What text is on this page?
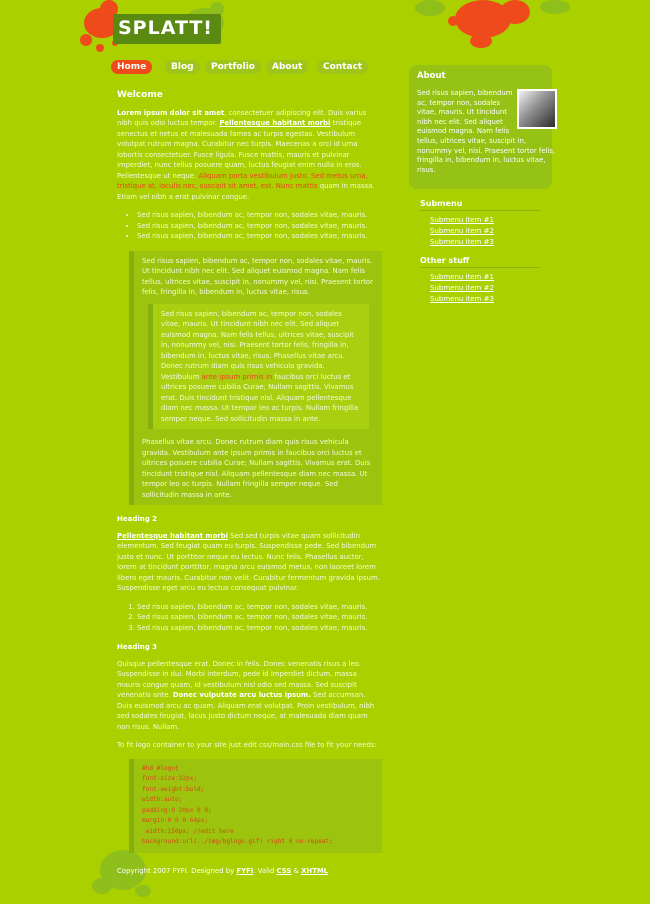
SPLATT!
Home	Blog	Portfolio	About	Contact
Welcome

Lorem ipsum dolor sit amet, consectetuer adipiscing elit. Duis varius nibh quis odio luctus tempor. Pellentesque habitant morbi tristique senectus et netus et malesuada fames ac turpis egestas. Vestibulum volutpat rutrum magna. Curabitur nec turpis. Maecenas a orci id urna lobortis consectetuer. Fusce ligula. Fusce mattis, mauris et pulvinar imperdiet, nunc tellus posuere quam, luctus feugiat enim nulla in eros. Pellentesque ut neque. Aliquam porta vestibulum justo. Sed metus urna, tristique at, iaculis nec, suscipit sit amet, est. Nunc mattis quam in massa. Etiam vel nibh a erat pulvinar congue.

• Sed risus sapien, bibendum ac, tempor non, sodales vitae, mauris.
• Sed risus sapien, bibendum ac, tempor non, sodales vitae, mauris.
• Sed risus sapien, bibendum ac, tempor non, sodales vitae, mauris.

Sed risus sapien, bibendum ac, tempor non, sodales vitae, mauris. Ut tincidunt nibh nec elit. Sed aliquet euismod magna. Nam felis tellus, ultrices vitae, suscipit in, nonummy vel, nisi. Praesent tortor felis, fringilla in, bibendum in, luctus vitae, risus.

Sed risus sapien, bibendum ac, tempor non, sodales vitae, mauris. Ut tincidunt nibh nec elit. Sed aliquet euismod magna. Nam felis tellus, ultrices vitae, suscipit in, nonummy vel, nisi. Praesent tortor felis, fringilla in, bibendum in, luctus vitae, risus. Phasellus vitae arcu. Donec rutrum diam quis risus vehicula gravida. Vestibulum ante ipsum primis in faucibus orci luctus et ultrices posuere cubilia Curae; Nullam sagittis. Vivamus erat. Duis tincidunt tristique nisl. Aliquam pellentesque diam nec massa. Ut tempor leo ac turpis. Nullam fringilla semper neque. Sed sollicitudin massa in ante.

Phasellus vitae arcu. Donec rutrum diam quis risus vehicula gravida. Vestibulum ante ipsum primis in faucibus orci luctus et ultrices posuere cubilia Curae; Nullam sagittis. Vivamus erat. Duis tincidunt tristique nisl. Aliquam pellentesque diam nec massa. Ut tempor leo ac turpis. Nullam fringilla semper neque. Sed sollicitudin massa in ante.

Heading 2

Pellentesque habitant morbi Sed sed turpis vitae quam sollicitudin elementum. Sed feugiat quam eu turpis. Suspendisse pede. Sed bibendum justo et nunc. Ut porttitor neque eu lectus. Nunc felis. Phasellus auctor, lorem at tincidunt porttitor, magna arcu euismod metus, non laoreet lorem libero eget mauris. Curabitur non velit. Curabitur fermentum gravida ipsum. Suspendisse eget arcu eu lectus consequat pulvinar.

1. Sed risus sapien, bibendum ac, tempor non, sodales vitae, mauris.
2. Sed risus sapien, bibendum ac, tempor non, sodales vitae, mauris.
3. Sed risus sapien, bibendum ac, tempor non, sodales vitae, mauris.
Heading 3

Quisque pellentesque erat. Donec in felis. Donec venenatis risus a leo. Suspendisse in dui. Morbi interdum, pede id imperdiet dictum, massa mauris congue quam, id vestibulum nisl odio sed massa. Sed suscipit venenatis ante. Donec vulputate arcu luctus ipsum. Sed accumsan. Duis euismod arcu ac quam. Aliquam erat volutpat. Proin vestibulum, nibh sed sodales feugiat, lacus justo dictum neque, at malesuada diam quam non risus. Nullam.

To fit logo container to your site just edit css/main.css file to fit your needs:

#hd #logo{
font-size:32px;
font-weight:bold;
width:auto;
padding:0 20px 0 0;
margin:0 0 0 64px;
width:150px; //edit here
background:url(../img/bglogo.gif) right 0 no-repeat;
About
Sed risus sapien, bibendum ac, tempor non, sodales vitae, mauris. Ut tincidunt nibh nec elit. Sed aliquet euismod magna. Nam felis tellus, ultrices vitae, suscipit in, nonummy vel, nisi. Praesent tortor felis, fringilla in, bibendum in, luctus vitae, risus.
Submenu
Submenu item #1
Submenu item #2
Submenu item #3
Other stuff
Submenu item #1
Submenu item #2
Submenu item #3
Copyright 2007 FYFI. Designed by FYFI. Valid CSS & XHTML
